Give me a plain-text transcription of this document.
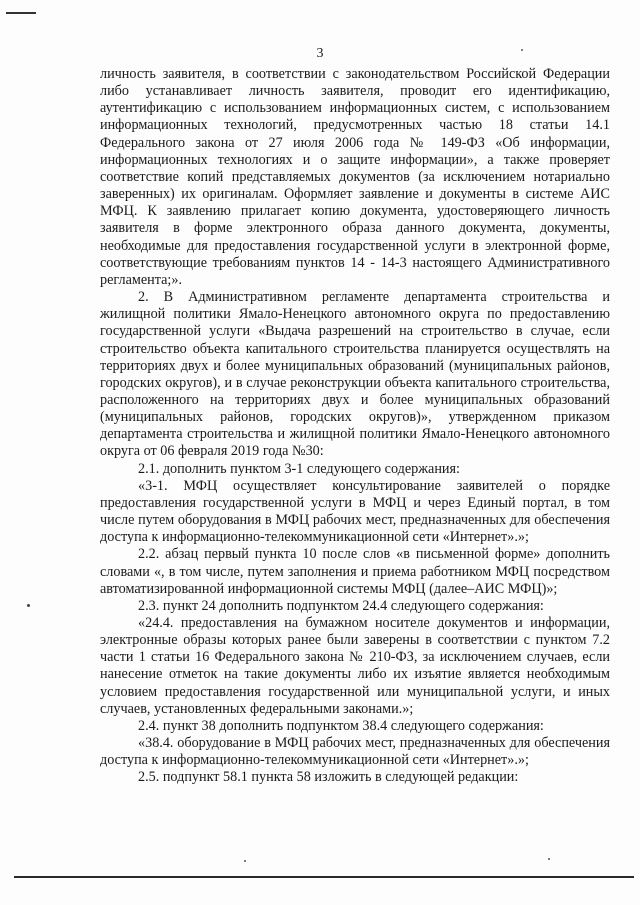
3

личность заявителя, в соответствии с законодательством Российской Федерации либо устанавливает личность заявителя, проводит его идентификацию, аутентификацию с использованием информационных систем, с использованием информационных технологий, предусмотренных частью 18 статьи 14.1 Федерального закона от 27 июля 2006 года № 149-ФЗ «Об информации, информационных технологиях и о защите информации», а также проверяет соответствие копий представляемых документов (за исключением нотариально заверенных) их оригиналам. Оформляет заявление и документы в системе АИС МФЦ. К заявлению прилагает копию документа, удостоверяющего личность заявителя в форме электронного образа данного документа, документы, необходимые для предоставления государственной услуги в электронной форме, соответствующие требованиям пунктов 14 - 14-3 настоящего Административного регламента;».

2. В Административном регламенте департамента строительства и жилищной политики Ямало-Ненецкого автономного округа по предоставлению государственной услуги «Выдача разрешений на строительство в случае, если строительство объекта капитального строительства планируется осуществлять на территориях двух и более муниципальных образований (муниципальных районов, городских округов), и в случае реконструкции объекта капитального строительства, расположенного на территориях двух и более муниципальных образований (муниципальных районов, городских округов)», утвержденном приказом департамента строительства и жилищной политики Ямало-Ненецкого автономного округа от 06 февраля 2019 года №30:

2.1. дополнить пунктом 3-1 следующего содержания:

«3-1. МФЦ осуществляет консультирование заявителей о порядке предоставления государственной услуги в МФЦ и через Единый портал, в том числе путем оборудования в МФЦ рабочих мест, предназначенных для обеспечения доступа к информационно-телекоммуникационной сети «Интернет».»;

2.2. абзац первый пункта 10 после слов «в письменной форме» дополнить словами «, в том числе, путем заполнения и приема работником МФЦ посредством автоматизированной информационной системы МФЦ (далее–АИС МФЦ)»;

2.3. пункт 24 дополнить подпунктом 24.4 следующего содержания:

«24.4. предоставления на бумажном носителе документов и информации, электронные образы которых ранее были заверены в соответствии с пунктом 7.2 части 1 статьи 16 Федерального закона № 210-ФЗ, за исключением случаев, если нанесение отметок на такие документы либо их изъятие является необходимым условием предоставления государственной или муниципальной услуги, и иных случаев, установленных федеральными законами.»;

2.4. пункт 38 дополнить подпунктом 38.4 следующего содержания:

«38.4. оборудование в МФЦ рабочих мест, предназначенных для обеспечения доступа к информационно-телекоммуникационной сети «Интернет».»;

2.5. подпункт 58.1 пункта 58 изложить в следующей редакции:
